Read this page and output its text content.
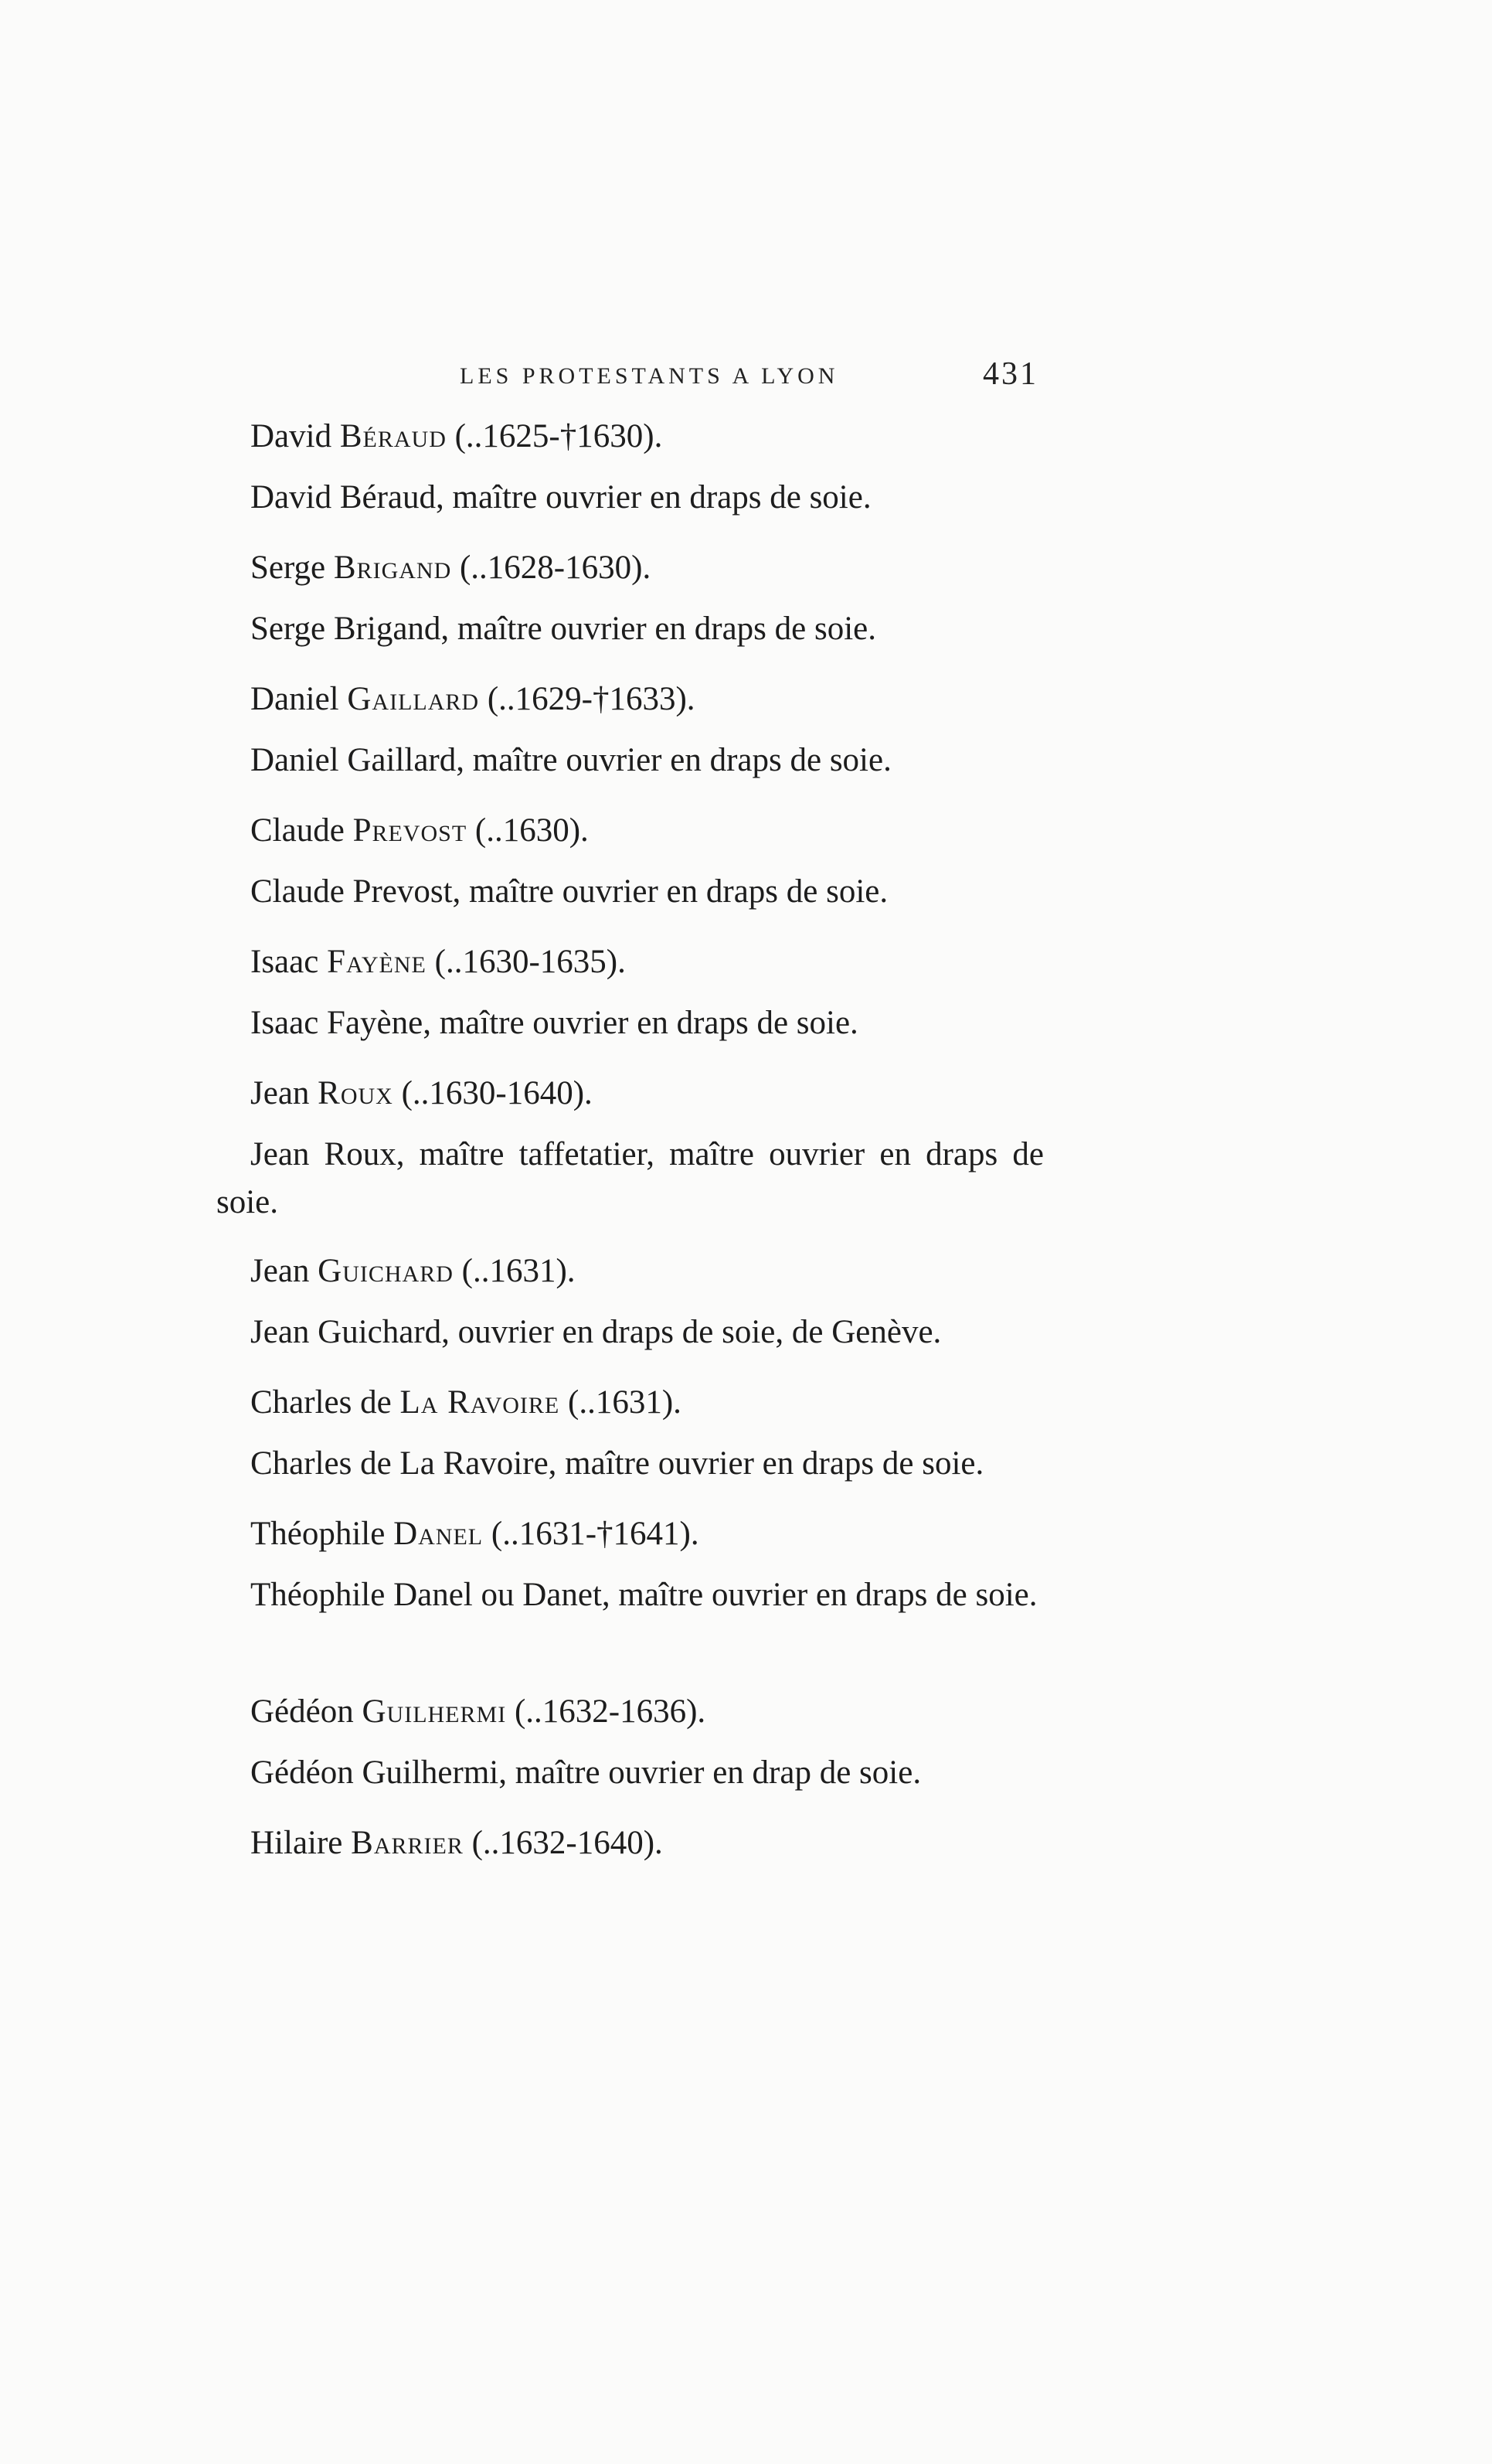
LES PROTESTANTS A LYON	431
David Béraud (..1625-†1630).
David Béraud, maître ouvrier en draps de soie.
Serge Brigand (..1628-1630).
Serge Brigand, maître ouvrier en draps de soie.
Daniel Gaillard (..1629-†1633).
Daniel Gaillard, maître ouvrier en draps de soie.
Claude Prevost (..1630).
Claude Prevost, maître ouvrier en draps de soie.
Isaac Fayène (..1630-1635).
Isaac Fayène, maître ouvrier en draps de soie.
Jean Roux (..1630-1640).
Jean Roux, maître taffetatier, maître ouvrier en draps de soie.
Jean Guichard (..1631).
Jean Guichard, ouvrier en draps de soie, de Genève.
Charles de La Ravoire (..1631).
Charles de La Ravoire, maître ouvrier en draps de soie.
Théophile Danel (..1631-†1641).
Théophile Danel ou Danet, maître ouvrier en draps de soie.
Gédéon Guilhermi (..1632-1636).
Gédéon Guilhermi, maître ouvrier en drap de soie.
Hilaire Barrier (..1632-1640).
